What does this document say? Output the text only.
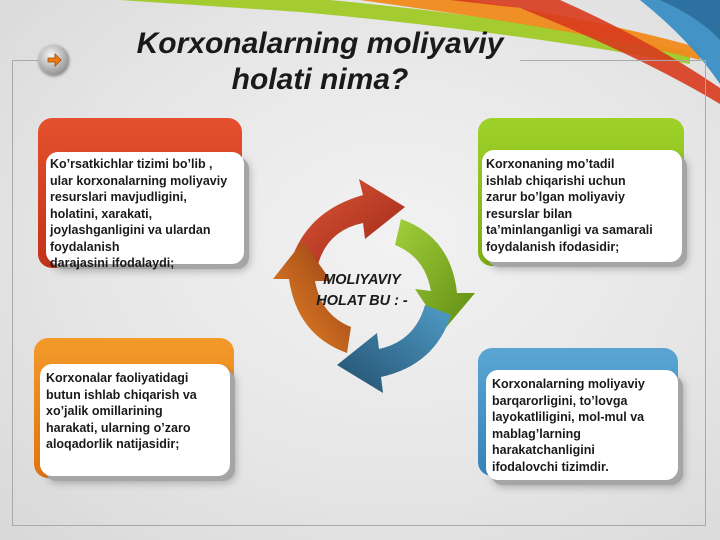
Korxonalarning moliyaviy
holati nima?

Ko’rsatkichlar tizimi bo’lib ,
ular korxonalarning moliyaviy
resurslari mavjudligini,
holatini, xarakati,
joylashganligini va ulardan
foydalanish
darajasini ifodalaydi;

Korxonaning mo’tadil
ishlab chiqarishi uchun
zarur bo’lgan moliyaviy
resurslar bilan
ta’minlanganligi va samarali
foydalanish ifodasidir;

Korxonalar faoliyatidagi
butun ishlab chiqarish va
xo’jalik omillarining
harakati, ularning o’zaro
aloqadorlik natijasidir;

Korxonalarning moliyaviy
barqarorligini, to’lovga
layokatliligini, mol-mul va
mablag’larning
harakatchanligini
ifodalovchi tizimdir.

MOLIYAVIY
HOLAT BU : -
